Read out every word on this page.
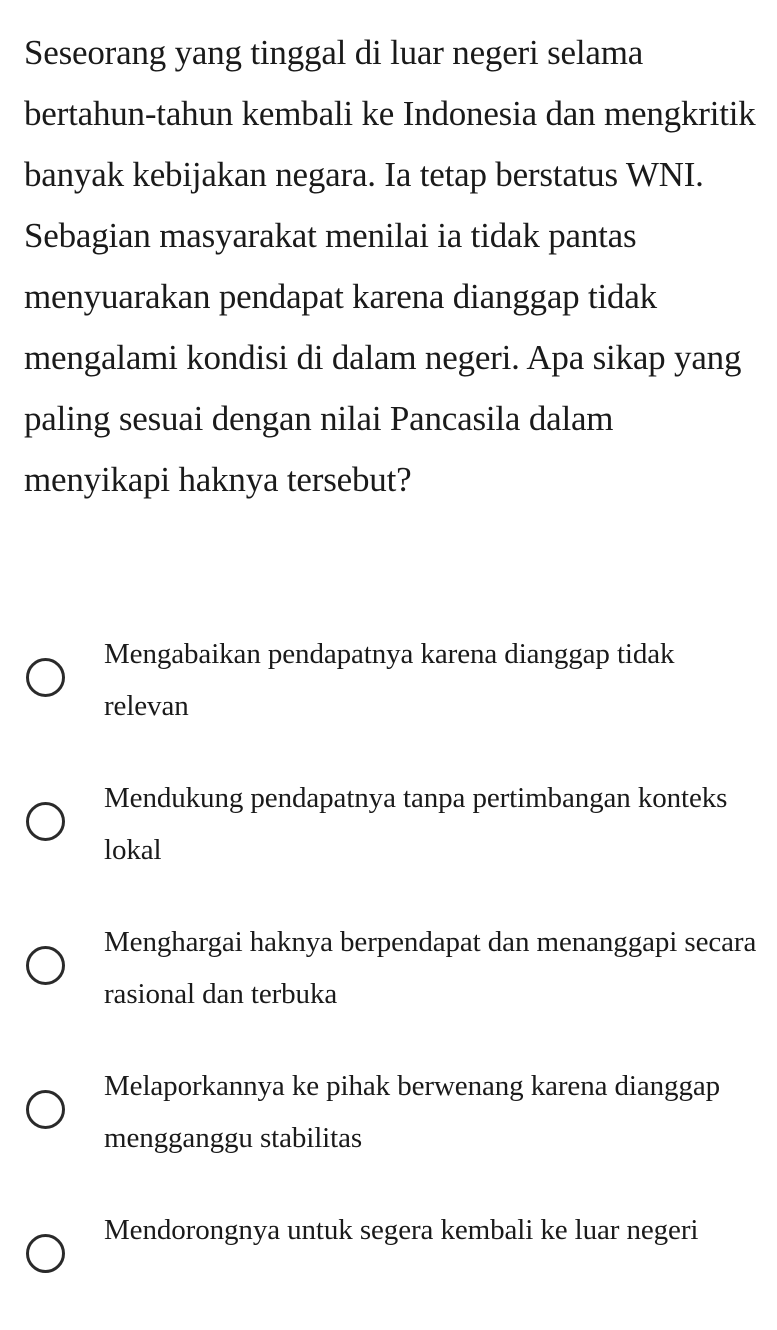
Seseorang yang tinggal di luar negeri selama bertahun-tahun kembali ke Indonesia dan mengkritik banyak kebijakan negara. Ia tetap berstatus WNI. Sebagian masyarakat menilai ia tidak pantas menyuarakan pendapat karena dianggap tidak mengalami kondisi di dalam negeri. Apa sikap yang paling sesuai dengan nilai Pancasila dalam menyikapi haknya tersebut?

Mengabaikan pendapatnya karena dianggap tidak relevan
Mendukung pendapatnya tanpa pertimbangan konteks lokal
Menghargai haknya berpendapat dan menanggapi secara rasional dan terbuka
Melaporkannya ke pihak berwenang karena dianggap mengganggu stabilitas
Mendorongnya untuk segera kembali ke luar negeri
